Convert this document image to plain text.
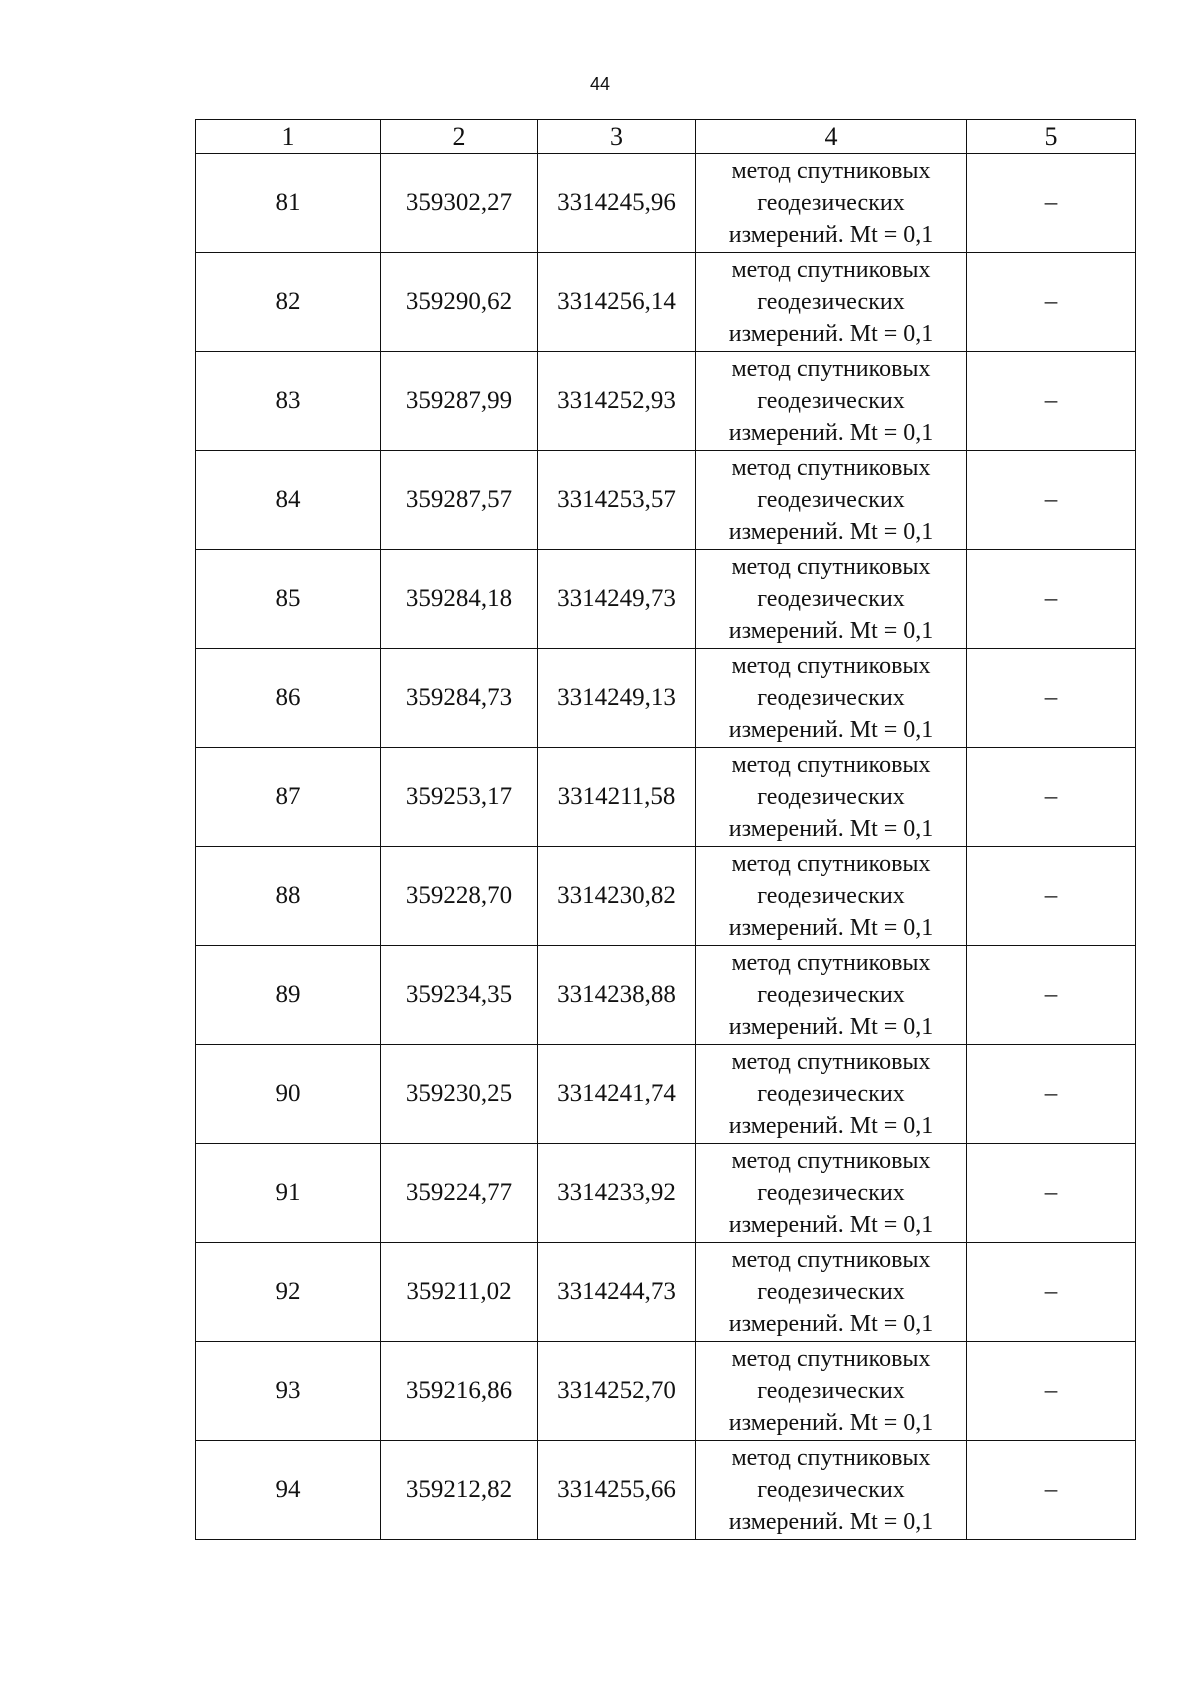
44
1	2	3	4	5
81	359302,27	3314245,96	метод спутниковых
геодезических
измерений. Mt = 0,1	–
82	359290,62	3314256,14	метод спутниковых
геодезических
измерений. Mt = 0,1	–
83	359287,99	3314252,93	метод спутниковых
геодезических
измерений. Mt = 0,1	–
84	359287,57	3314253,57	метод спутниковых
геодезических
измерений. Mt = 0,1	–
85	359284,18	3314249,73	метод спутниковых
геодезических
измерений. Mt = 0,1	–
86	359284,73	3314249,13	метод спутниковых
геодезических
измерений. Mt = 0,1	–
87	359253,17	3314211,58	метод спутниковых
геодезических
измерений. Mt = 0,1	–
88	359228,70	3314230,82	метод спутниковых
геодезических
измерений. Mt = 0,1	–
89	359234,35	3314238,88	метод спутниковых
геодезических
измерений. Mt = 0,1	–
90	359230,25	3314241,74	метод спутниковых
геодезических
измерений. Mt = 0,1	–
91	359224,77	3314233,92	метод спутниковых
геодезических
измерений. Mt = 0,1	–
92	359211,02	3314244,73	метод спутниковых
геодезических
измерений. Mt = 0,1	–
93	359216,86	3314252,70	метод спутниковых
геодезических
измерений. Mt = 0,1	–
94	359212,82	3314255,66	метод спутниковых
геодезических
измерений. Mt = 0,1	–
